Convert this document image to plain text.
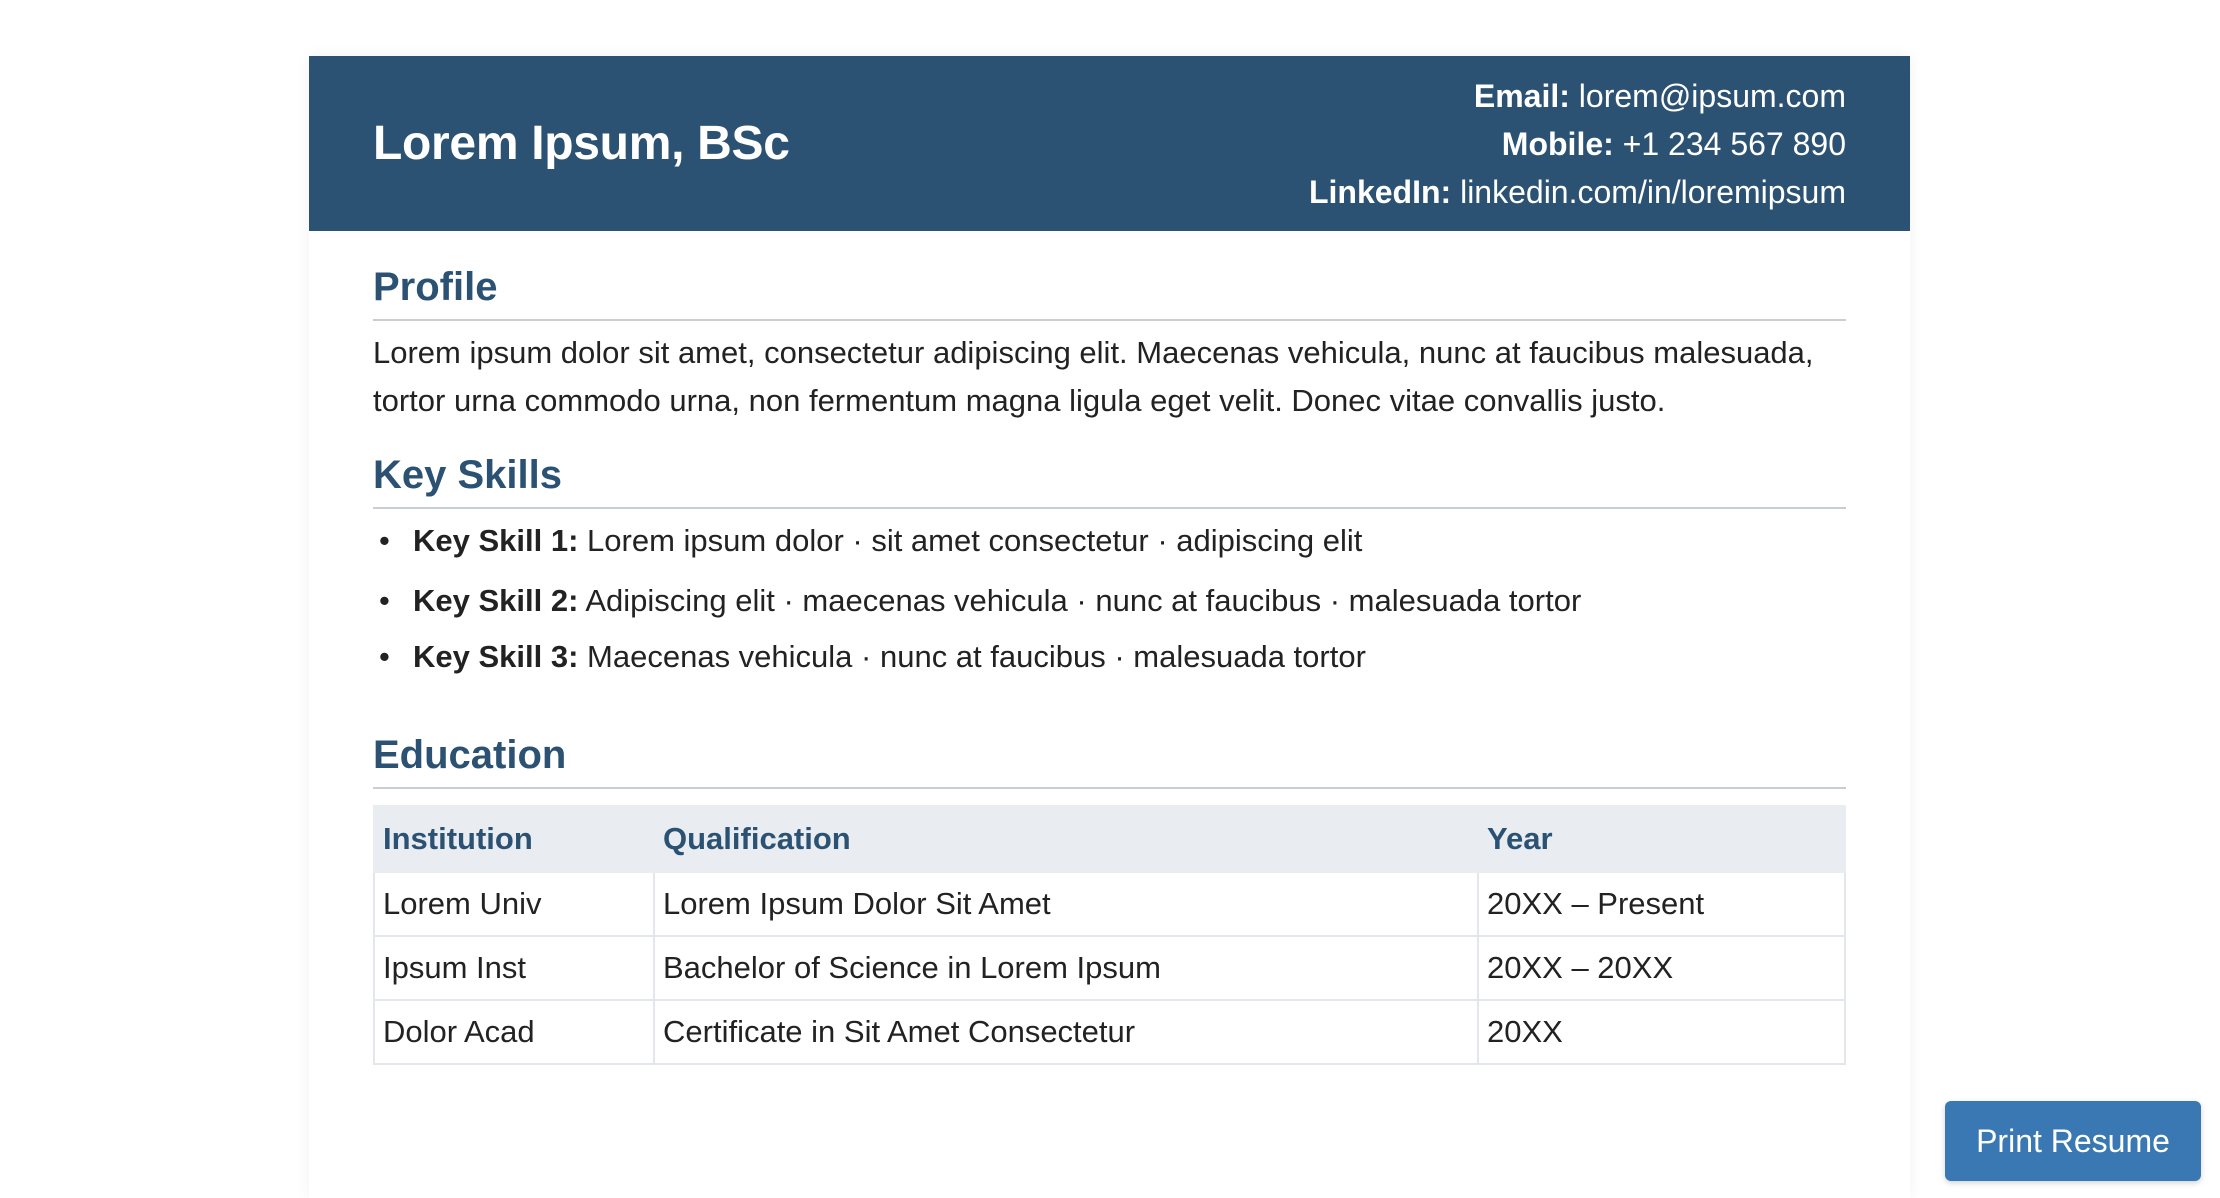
Lorem Ipsum, BSc
Email: lorem@ipsum.com
Mobile: +1 234 567 890
LinkedIn: linkedin.com/in/loremipsum
Profile

Lorem ipsum dolor sit amet, consectetur adipiscing elit. Maecenas vehicula, nunc at faucibus malesuada, tortor urna commodo urna, non fermentum magna ligula eget velit. Donec vitae convallis justo.

Key Skills
• Key Skill 1: Lorem ipsum dolor · sit amet consectetur · adipiscing elit
• Key Skill 2: Adipiscing elit · maecenas vehicula · nunc at faucibus · malesuada tortor
• Key Skill 3: Maecenas vehicula · nunc at faucibus · malesuada tortor
Education
Institution	Qualification	Year
Lorem Univ	Lorem Ipsum Dolor Sit Amet	20XX – Present
Ipsum Inst	Bachelor of Science in Lorem Ipsum	20XX – 20XX
Dolor Acad	Certificate in Sit Amet Consectetur	20XX
Print Resume
